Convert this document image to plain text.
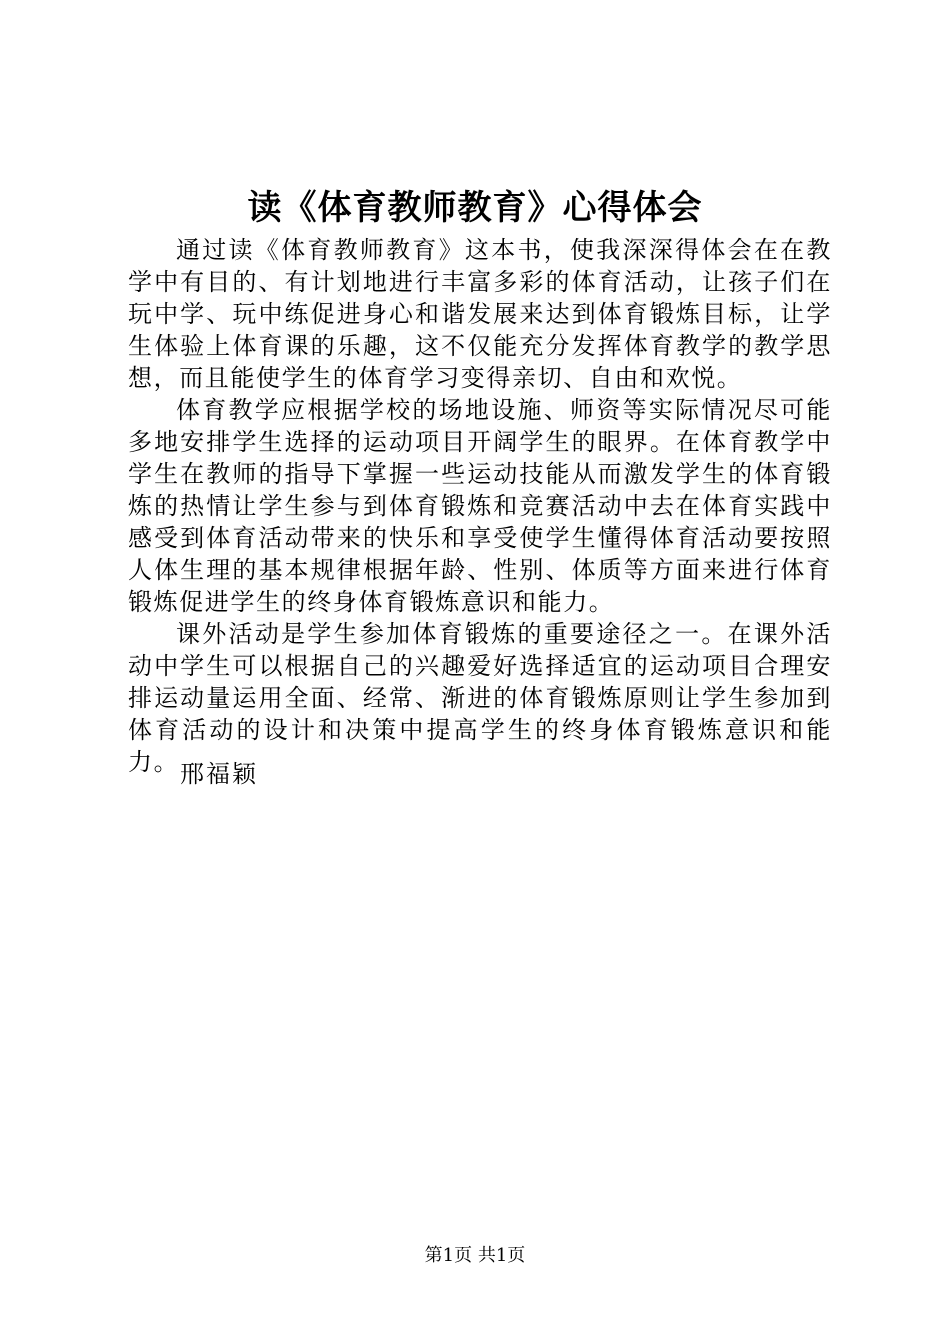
读《体育教师教育》心得体会

通过读《体育教师教育》这本书，使我深深得体会在在教学中有目的、有计划地进行丰富多彩的体育活动，让孩子们在玩中学、玩中练促进身心和谐发展来达到体育锻炼目标，让学生体验上体育课的乐趣，这不仅能充分发挥体育教学的教学思想，而且能使学生的体育学习变得亲切、自由和欢悦。

体育教学应根据学校的场地设施、师资等实际情况尽可能多地安排学生选择的运动项目开阔学生的眼界。在体育教学中学生在教师的指导下掌握一些运动技能从而激发学生的体育锻炼的热情让学生参与到体育锻炼和竞赛活动中去在体育实践中感受到体育活动带来的快乐和享受使学生懂得体育活动要按照人体生理的基本规律根据年龄、性别、体质等方面来进行体育锻炼促进学生的终身体育锻炼意识和能力。

课外活动是学生参加体育锻炼的重要途径之一。在课外活动中学生可以根据自己的兴趣爱好选择适宜的运动项目合理安排运动量运用全面、经常、渐进的体育锻炼原则让学生参加到体育活动的设计和决策中提高学生的终身体育锻炼意识和能力。 邢福颖
第1页 共1页
